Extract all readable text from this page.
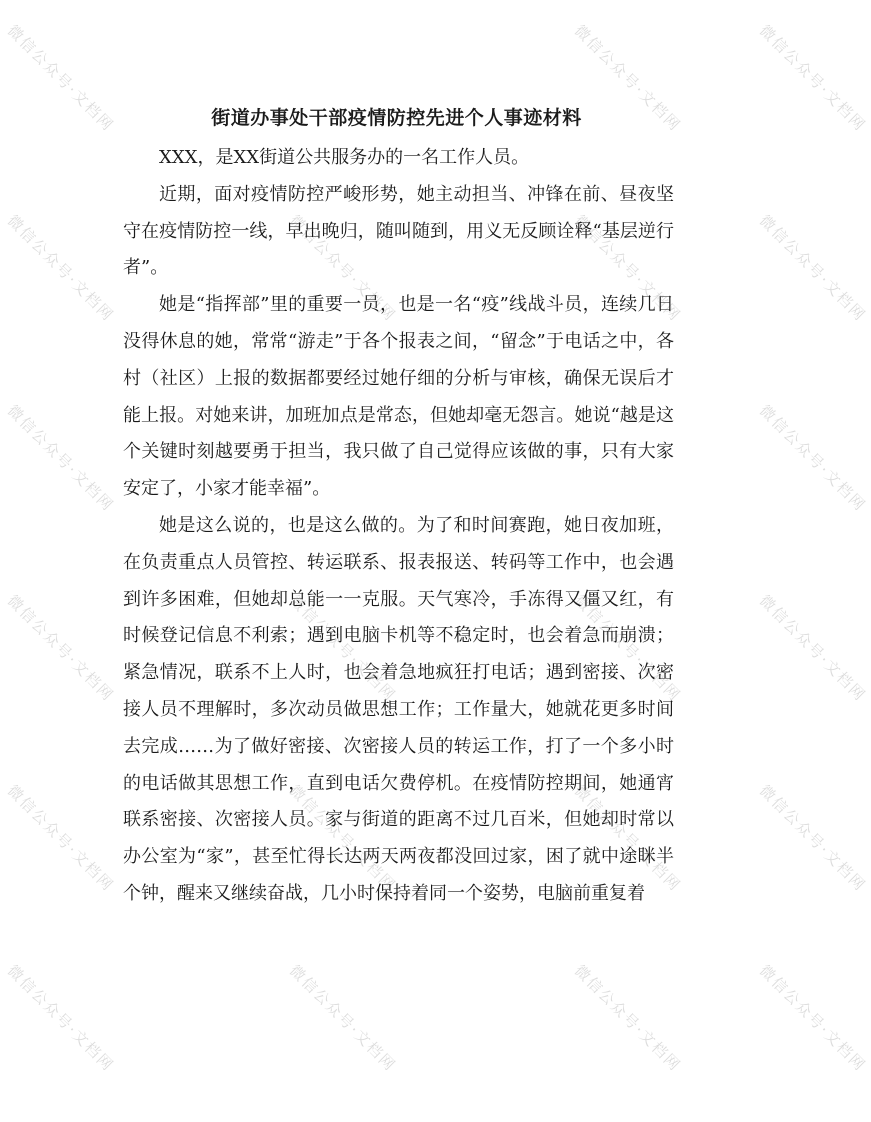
微信公众号·文档网	微信公众号·文档网	微信公众号·文档网
微信公众号·文档网	微信公众号·文档网	微信公众号·文档网	微信公众号·文档网
微信公众号·文档网	微信公众号·文档网
微信公众号·文档网	微信公众号·文档网	微信公众号·文档网	微信公众号·文档网
微信公众号·文档网	微信公众号·文档网	微信公众号·文档网	微信公众号·文档网
微信公众号·文档网	微信公众号·文档网	微信公众号·文档网	微信公众号·文档网
街道办事处干部疫情防控先进个人事迹材料

XXX，是XX街道公共服务办的一名工作人员。

近期，面对疫情防控严峻形势，她主动担当、冲锋在前、昼夜坚守在疫情防控一线，早出晚归，随叫随到，用义无反顾诠释“基层逆行者”。

她是“指挥部”里的重要一员，也是一名“疫”线战斗员，连续几日没得休息的她，常常“游走”于各个报表之间，“留念”于电话之中，各村（社区）上报的数据都要经过她仔细的分析与审核，确保无误后才能上报。对她来讲，加班加点是常态，但她却毫无怨言。她说“越是这个关键时刻越要勇于担当，我只做了自己觉得应该做的事，只有大家安定了，小家才能幸福”。

她是这么说的，也是这么做的。为了和时间赛跑，她日夜加班，在负责重点人员管控、转运联系、报表报送、转码等工作中，也会遇到许多困难，但她却总能一一克服。天气寒冷，手冻得又僵又红，有时候登记信息不利索；遇到电脑卡机等不稳定时，也会着急而崩溃；紧急情况，联系不上人时，也会着急地疯狂打电话；遇到密接、次密接人员不理解时，多次动员做思想工作；工作量大，她就花更多时间去完成……为了做好密接、次密接人员的转运工作，打了一个多小时的电话做其思想工作，直到电话欠费停机。在疫情防控期间，她通宵联系密接、次密接人员。家与街道的距离不过几百米，但她却时常以办公室为“家”，甚至忙得长达两天两夜都没回过家，困了就中途眯半个钟，醒来又继续奋战，几小时保持着同一个姿势，电脑前重复着
